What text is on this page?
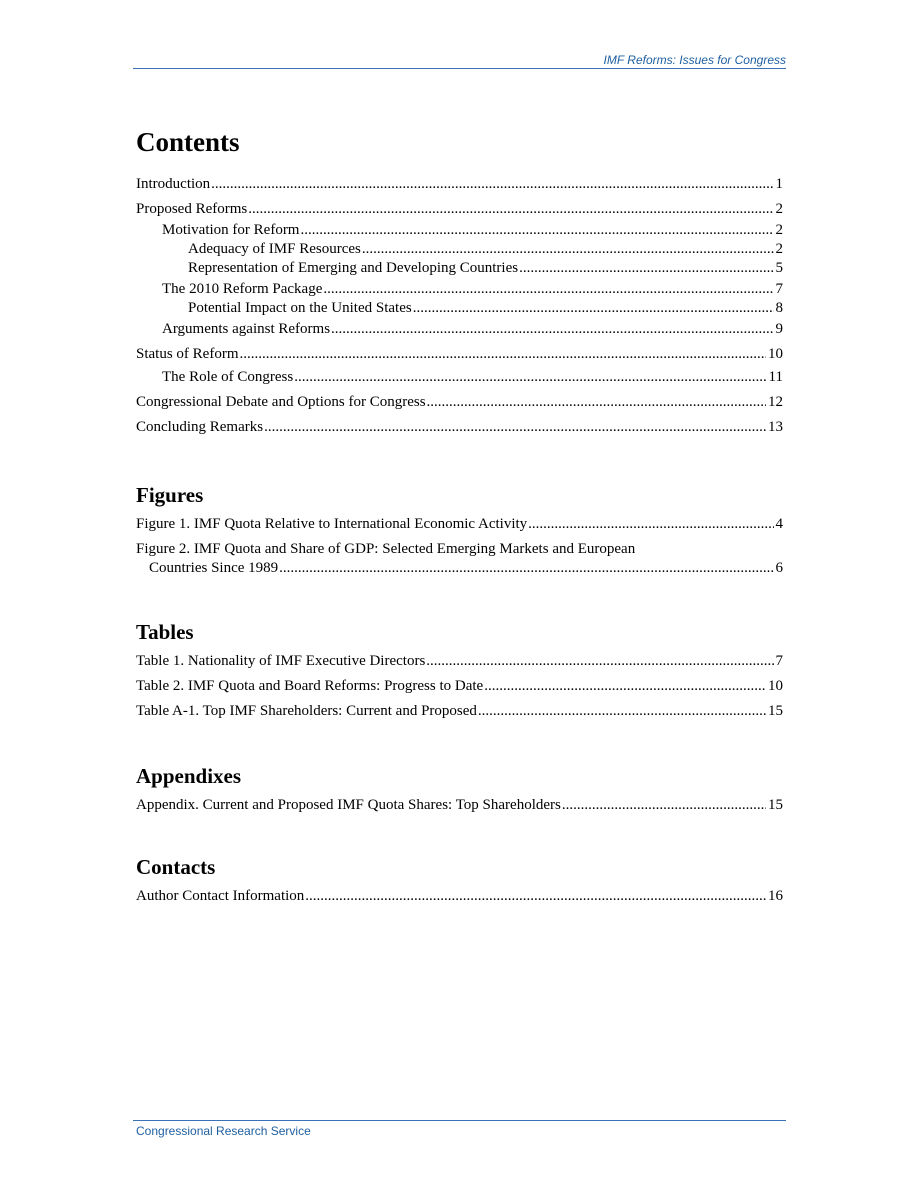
IMF Reforms: Issues for Congress
Contents
Introduction .....	1
Proposed Reforms .....	2
Motivation for Reform .....	2
Adequacy of IMF Resources .....	2
Representation of Emerging and Developing Countries .....	5
The 2010 Reform Package .....	7
Potential Impact on the United States .....	8
Arguments against Reforms .....	9
Status of Reform .....	10
The Role of Congress .....	11
Congressional Debate and Options for Congress .....	12
Concluding Remarks .....	13
Figures
Figure 1. IMF Quota Relative to International Economic Activity .....	4
Figure 2. IMF Quota and Share of GDP: Selected Emerging Markets and European
Countries Since 1989 .....	6
Tables
Table 1. Nationality of IMF Executive Directors .....	7
Table 2. IMF Quota and Board Reforms: Progress to Date .....	10
Table A-1. Top IMF Shareholders: Current and Proposed .....	15
Appendixes
Appendix. Current and Proposed IMF Quota Shares: Top Shareholders .....	15
Contacts
Author Contact Information .....	16
Congressional Research Service
